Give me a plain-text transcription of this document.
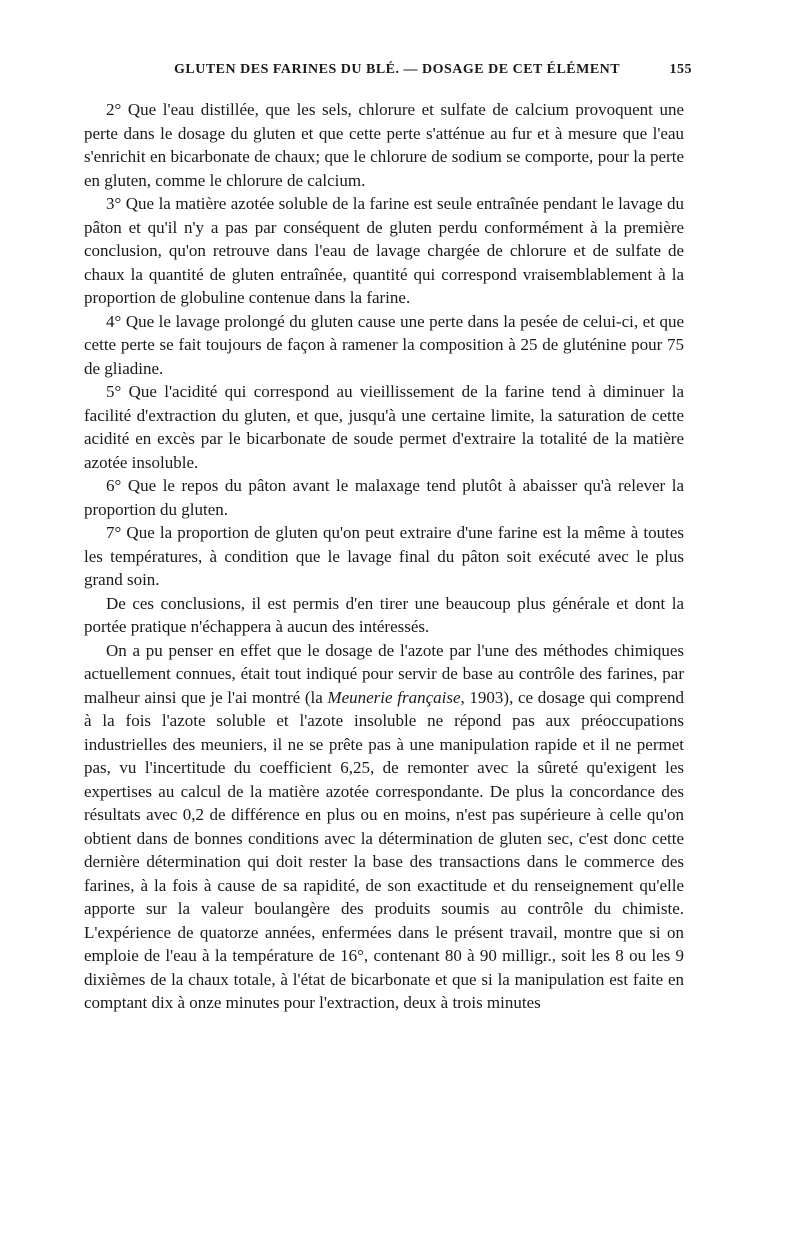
GLUTEN DES FARINES DU BLÉ. — DOSAGE DE CET ÉLÉMENT	155

2° Que l'eau distillée, que les sels, chlorure et sulfate de calcium provoquent une perte dans le dosage du gluten et que cette perte s'atténue au fur et à mesure que l'eau s'enrichit en bicarbonate de chaux; que le chlorure de sodium se comporte, pour la perte en gluten, comme le chlorure de calcium.

3° Que la matière azotée soluble de la farine est seule entraînée pendant le lavage du pâton et qu'il n'y a pas par conséquent de gluten perdu conformément à la première conclusion, qu'on retrouve dans l'eau de lavage chargée de chlorure et de sulfate de chaux la quantité de gluten entraînée, quantité qui correspond vraisemblablement à la proportion de globuline contenue dans la farine.

4° Que le lavage prolongé du gluten cause une perte dans la pesée de celui-ci, et que cette perte se fait toujours de façon à ramener la composition à 25 de gluténine pour 75 de gliadine.

5° Que l'acidité qui correspond au vieillissement de la farine tend à diminuer la facilité d'extraction du gluten, et que, jusqu'à une certaine limite, la saturation de cette acidité en excès par le bicarbonate de soude permet d'extraire la totalité de la matière azotée insoluble.

6° Que le repos du pâton avant le malaxage tend plutôt à abaisser qu'à relever la proportion du gluten.

7° Que la proportion de gluten qu'on peut extraire d'une farine est la même à toutes les températures, à condition que le lavage final du pâton soit exécuté avec le plus grand soin.

De ces conclusions, il est permis d'en tirer une beaucoup plus générale et dont la portée pratique n'échappera à aucun des intéressés.

On a pu penser en effet que le dosage de l'azote par l'une des méthodes chimiques actuellement connues, était tout indiqué pour servir de base au contrôle des farines, par malheur ainsi que je l'ai montré (la Meunerie française, 1903), ce dosage qui comprend à la fois l'azote soluble et l'azote insoluble ne répond pas aux préoccupations industrielles des meuniers, il ne se prête pas à une manipulation rapide et il ne permet pas, vu l'incertitude du coefficient 6,25, de remonter avec la sûreté qu'exigent les expertises au calcul de la matière azotée correspondante. De plus la concordance des résultats avec 0,2 de différence en plus ou en moins, n'est pas supérieure à celle qu'on obtient dans de bonnes conditions avec la détermination de gluten sec, c'est donc cette dernière détermination qui doit rester la base des transactions dans le commerce des farines, à la fois à cause de sa rapidité, de son exactitude et du renseignement qu'elle apporte sur la valeur boulangère des produits soumis au contrôle du chimiste. L'expérience de quatorze années, enfermées dans le présent travail, montre que si on emploie de l'eau à la température de 16°, contenant 80 à 90 milligr., soit les 8 ou les 9 dixièmes de la chaux totale, à l'état de bicarbonate et que si la manipulation est faite en comptant dix à onze minutes pour l'extraction, deux à trois minutes
